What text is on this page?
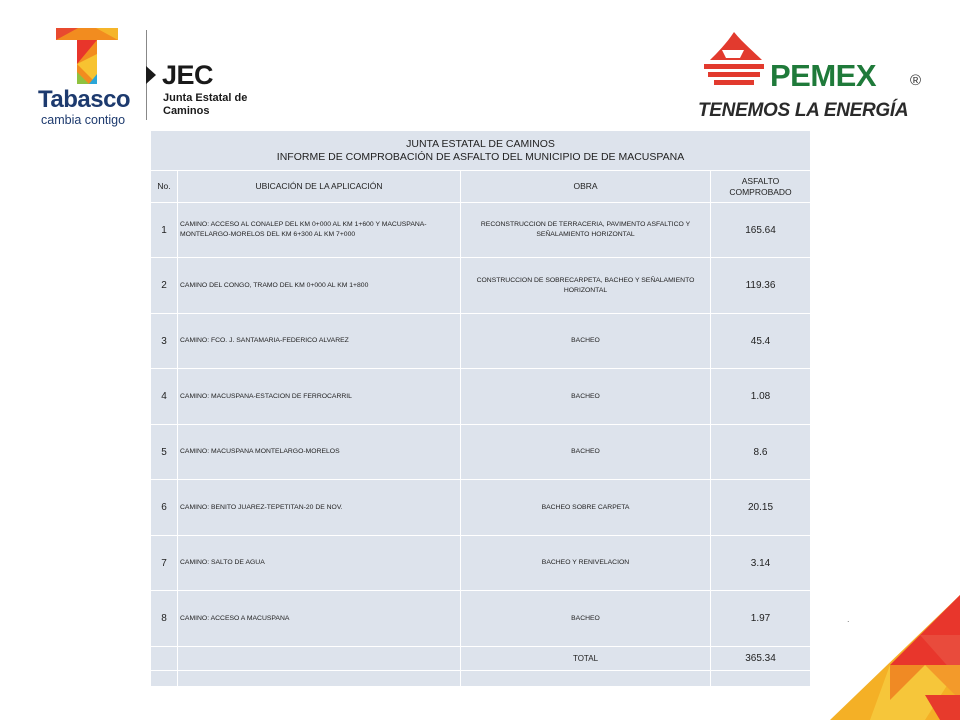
Tabasco
cambia contigo
JEC
Junta Estatal de Caminos
PEMEX ®
TENEMOS LA ENERGÍA
JUNTA ESTATAL DE CAMINOS
INFORME DE COMPROBACIÓN DE ASFALTO DEL MUNICIPIO DE DE MACUSPANA			

No.	UBICACIÓN DE LA APLICACIÓN	OBRA	ASFALTO COMPROBADO
1	CAMINO: ACCESO AL CONALEP DEL KM 0+000 AL KM 1+600 Y MACUSPANA-MONTELARGO-MORELOS DEL KM 6+300 AL KM 7+000	RECONSTRUCCION DE TERRACERIA, PAVIMENTO ASFALTICO Y SEÑALAMIENTO HORIZONTAL	165.64
2	CAMINO DEL CONGO, TRAMO DEL KM 0+000 AL KM 1+800	CONSTRUCCION DE SOBRECARPETA, BACHEO Y SEÑALAMIENTO HORIZONTAL	119.36
3	CAMINO: FCO. J. SANTAMARIA-FEDERICO ALVAREZ	BACHEO	45.4
4	CAMINO: MACUSPANA-ESTACION DE FERROCARRIL	BACHEO	1.08
5	CAMINO: MACUSPANA MONTELARGO-MORELOS	BACHEO	8.6
6	CAMINO: BENITO JUAREZ-TEPETITAN-20 DE NOV.	BACHEO SOBRE CARPETA	20.15
7	CAMINO: SALTO DE AGUA	BACHEO Y RENIVELACION	3.14
8	CAMINO: ACCESO A MACUSPANA	BACHEO	1.97
		TOTAL	365.34

.
